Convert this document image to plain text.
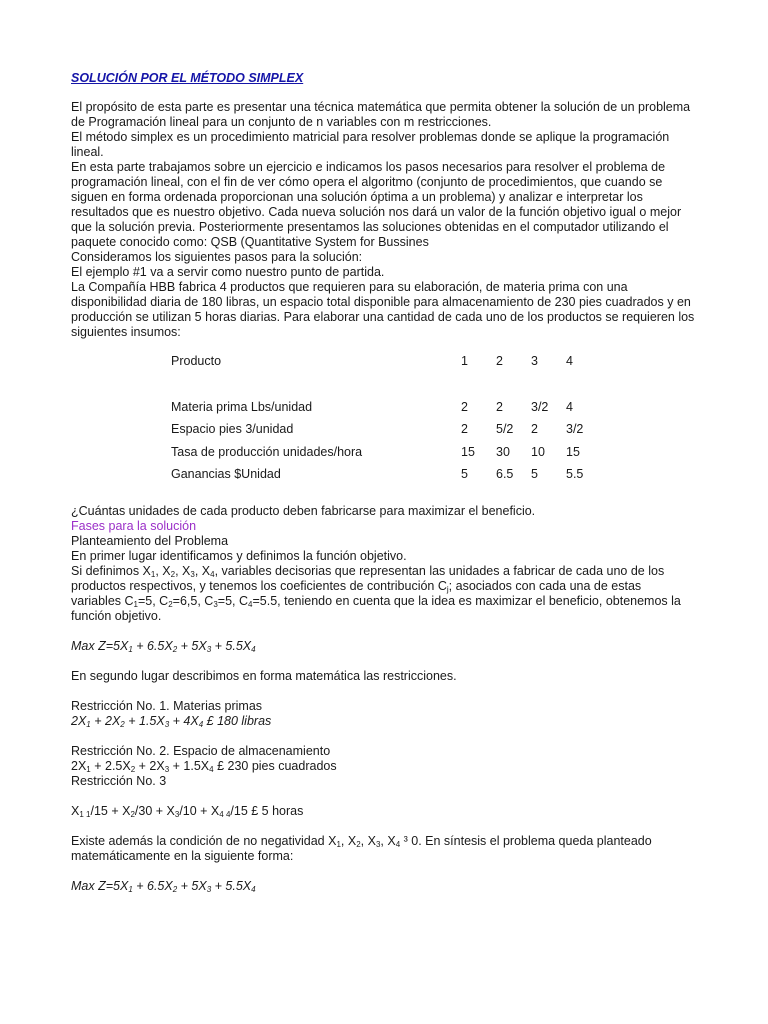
SOLUCIÓN POR EL MÉTODO SIMPLEX

El propósito de esta parte es presentar una técnica matemática que permita obtener la solución de un problema
de Programación lineal para un conjunto de n variables con m restricciones.
El método simplex es un procedimiento matricial para resolver problemas donde se aplique la programación
lineal.
En esta parte trabajamos sobre un ejercicio e indicamos los pasos necesarios para resolver el problema de
programación lineal, con el fin de ver cómo opera el algoritmo (conjunto de procedimientos, que cuando se
siguen en forma ordenada proporcionan una solución óptima a un problema) y analizar e interpretar los
resultados que es nuestro objetivo. Cada nueva solución nos dará un valor de la función objetivo igual o mejor
que la solución previa. Posteriormente presentamos las soluciones obtenidas en el computador utilizando el
paquete conocido como: QSB (Quantitative System for Bussines
Consideramos los siguientes pasos para la solución:
El ejemplo #1 va a servir como nuestro punto de partida.
La Compañía HBB fabrica 4 productos que requieren para su elaboración, de materia prima con una
disponibilidad diaria de 180 libras, un espacio total disponible para almacenamiento de 230 pies cuadrados y en
producción se utilizan 5 horas diarias. Para elaborar una cantidad de cada uno de los productos se requieren los
siguientes insumos:
Producto	1	2	3	4

Materia prima Lbs/unidad	2	2	3/2	4
Espacio pies 3/unidad	2	5/2	2	3/2
Tasa de producción unidades/hora	15	30	10	15
Ganancias $Unidad	5	6.5	5	5.5
¿Cuántas unidades de cada producto deben fabricarse para maximizar el beneficio.
Fases para la solución
Planteamiento del Problema
En primer lugar identificamos y definimos la función objetivo.
Si definimos $X_1$, $X_2$, $X_3$, $X_4$, variables decisorias que representan las unidades a fabricar de cada uno de los
productos respectivos, y tenemos los coeficientes de contribución $C_j$; asociados con cada una de estas
variables $C_1=5$, $C_2=6,5$, $C_3=5$, $C_4=5.5$, teniendo en cuenta que la idea es maximizar el beneficio, obtenemos la
función objetivo.
Max $Z=5X_1 + 6.5X_2 + 5X_3 + 5.5X_4$
En segundo lugar describimos en forma matemática las restricciones.
Restricción No. 1. Materias primas
$2X_1 + 2X_2 + 1.5X_3 + 4X_4$ £ 180 libras
Restricción No. 2. Espacio de almacenamiento
$2X_1 + 2.5X_2 + 2X_3 + 1.5X_4$ £ 230 pies cuadrados
Restricción No. 3
$X_{1 1}/15 + X_2/30 + X_3/10 + X_{4 4}/15$ £ 5 horas
Existe además la condición de no negatividad $X_1$, $X_2$, $X_3$, $X_4$ ³ 0. En síntesis el problema queda planteado
matemáticamente en la siguiente forma:
Max $Z=5X_1 + 6.5X_2 + 5X_3 + 5.5X_4$
